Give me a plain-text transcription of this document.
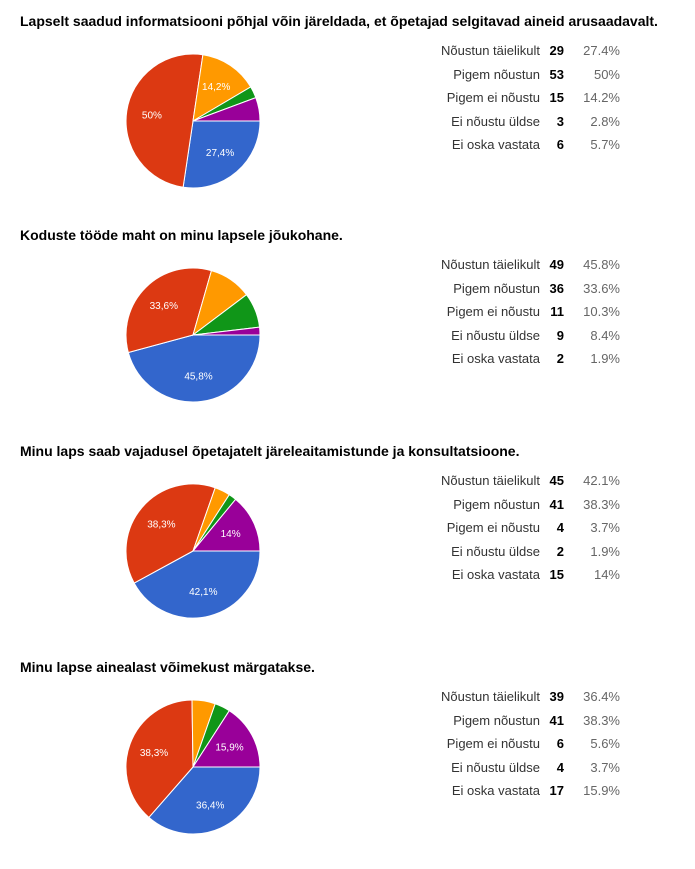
Lapselt saadud informatsiooni põhjal võin järeldada, et õpetajad selgitavad aineid arusaadavalt.
27,4%
50%
14,2%
Nõustun täielikult 29	27.4%
Pigem nõustun 53	50%
Pigem ei nõustu 15	14.2%
Ei nõustu üldse	3	2.8%
Ei oska vastata	6	5.7%
Koduste tööde maht on minu lapsele jõukohane.
45,8%
33,6%
Nõustun täielikult 49	45.8%
Pigem nõustun 36	33.6%
Pigem ei nõustu 11	10.3%
Ei nõustu üldse	9	8.4%
Ei oska vastata	2	1.9%
Minu laps saab vajadusel õpetajatelt järeleaitamistunde ja konsultatsioone.
42,1%
38,3%
14%
Nõustun täielikult 45	42.1%
Pigem nõustun 41	38.3%
Pigem ei nõustu	4	3.7%
Ei nõustu üldse	2	1.9%
Ei oska vastata 15	14%
Minu lapse ainealast võimekust märgatakse.
36,4%
38,3%
15,9%
Nõustun täielikult 39	36.4%
Pigem nõustun 41	38.3%
Pigem ei nõustu	6	5.6%
Ei nõustu üldse	4	3.7%
Ei oska vastata 17	15.9%
